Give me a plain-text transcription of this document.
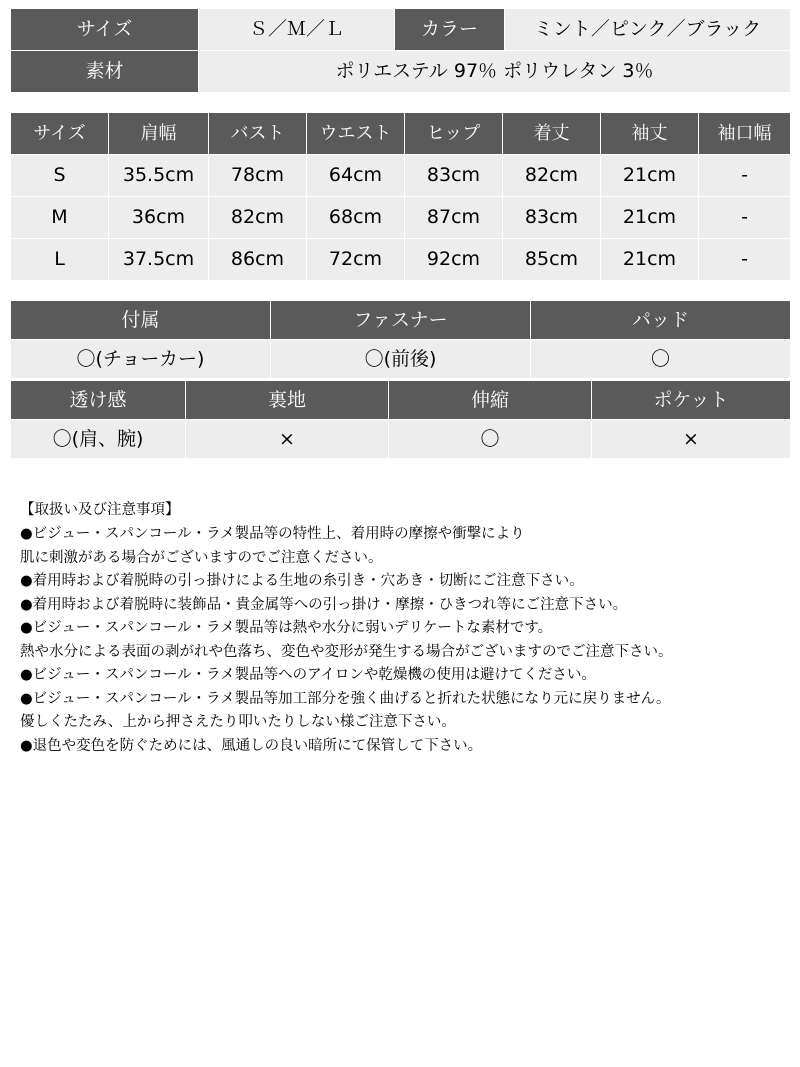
サイズ	Ｓ／Ｍ／Ｌ	カラー	ミント／ピンク／ブラック
素材	ポリエステル 97％ ポリウレタン 3％		
サイズ	肩幅	バスト	ウエスト	ヒップ	着丈	袖丈	袖口幅
S	35.5cm	78cm	64cm	83cm	82cm	21cm	-
M	36cm	82cm	68cm	87cm	83cm	21cm	-
L	37.5cm	86cm	72cm	92cm	85cm	21cm	-
付属	ファスナー	パッド
〇(チョーカー)	〇(前後)	〇
透け感	裏地	伸縮	ポケット
〇(肩、腕)	×	〇	×
【取扱い及び注意事項】
●ビジュー・スパンコール・ラメ製品等の特性上、着用時の摩擦や衝撃により
肌に刺激がある場合がございますのでご注意ください。
●着用時および着脱時の引っ掛けによる生地の糸引き・穴あき・切断にご注意下さい。
●着用時および着脱時に装飾品・貴金属等への引っ掛け・摩擦・ひきつれ等にご注意下さい。
●ビジュー・スパンコール・ラメ製品等は熱や水分に弱いデリケートな素材です。
熱や水分による表面の剥がれや色落ち、変色や変形が発生する場合がございますのでご注意下さい。
●ビジュー・スパンコール・ラメ製品等へのアイロンや乾燥機の使用は避けてください。
●ビジュー・スパンコール・ラメ製品等加工部分を強く曲げると折れた状態になり元に戻りません。
優しくたたみ、上から押さえたり叩いたりしない様ご注意下さい。
●退色や変色を防ぐためには、風通しの良い暗所にて保管して下さい。
